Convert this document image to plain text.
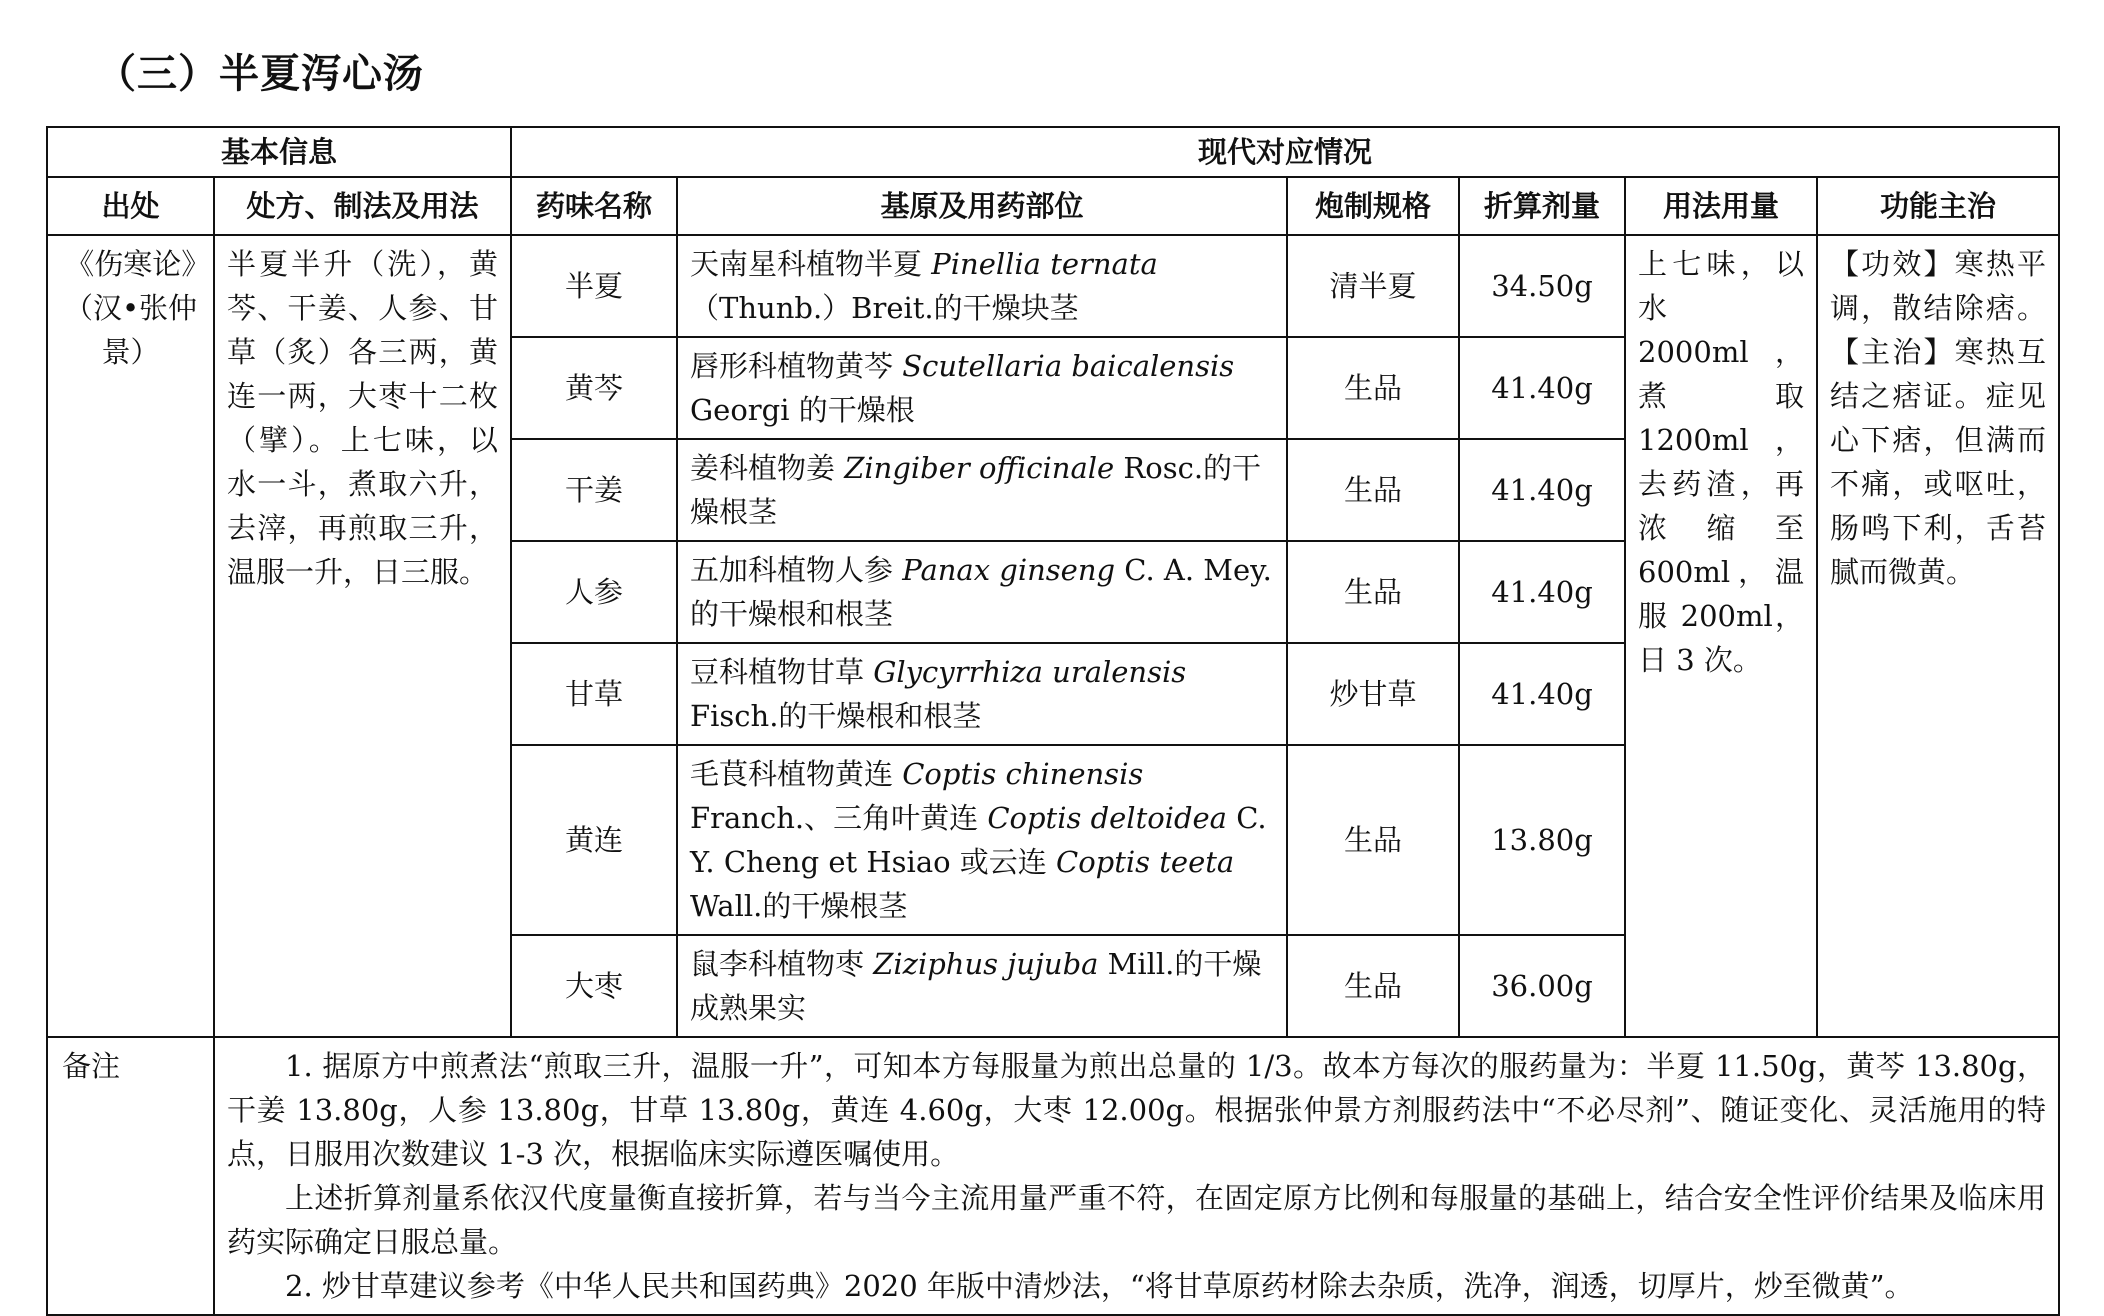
（三）半夏泻心汤
基本信息		现代对应情况					
出处	处方、制法及用法	药味名称	基原及用药部位	炮制规格	折算剂量	用法用量	功能主治
《伤寒论》（汉•张仲景）	半夏半升（洗），黄芩、干姜、人参、甘草（炙）各三两，黄连一两，大枣十二枚（擘）。上七味，以水一斗，煮取六升，去滓，再煎取三升，温服一升，日三服。	半夏	天南星科植物半夏 Pinellia ternata（Thunb.）Breit.的干燥块茎	清半夏	34.50g	上七味，以水 2000ml，煮取1200ml，去药渣，再浓缩至 600ml，温服 200ml，日 3 次。	【功效】寒热平调，散结除痞。【主治】寒热互结之痞证。症见心下痞，但满而不痛，或呕吐，肠鸣下利，舌苔腻而微黄。
		黄芩	唇形科植物黄芩 Scutellaria baicalensis Georgi 的干燥根	生品	41.40g		
		干姜	姜科植物姜 Zingiber officinale Rosc.的干燥根茎	生品	41.40g		
		人参	五加科植物人参 Panax ginseng C. A. Mey.的干燥根和根茎	生品	41.40g		
		甘草	豆科植物甘草 Glycyrrhiza uralensis Fisch.的干燥根和根茎	炒甘草	41.40g		
		黄连	毛茛科植物黄连 Coptis chinensis Franch.、三角叶黄连 Coptis deltoidea C. Y. Cheng et Hsiao 或云连 Coptis teeta Wall.的干燥根茎	生品	13.80g		
		大枣	鼠李科植物枣 Ziziphus jujuba Mill.的干燥成熟果实	生品	36.00g		
备注	1. 据原方中煎煮法“煎取三升，温服一升”，可知本方每服量为煎出总量的 1/3。故本方每次的服药量为：半夏 11.50g，黄芩 13.80g，干姜 13.80g，人参 13.80g，甘草 13.80g，黄连 4.60g，大枣 12.00g。根据张仲景方剂服药法中“不必尽剂”、随证变化、灵活施用的特点，日服用次数建议 1-3 次，根据临床实际遵医嘱使用。

上述折算剂量系依汉代度量衡直接折算，若与当今主流用量严重不符，在固定原方比例和每服量的基础上，结合安全性评价结果及临床用药实际确定日服总量。

2. 炒甘草建议参考《中华人民共和国药典》2020 年版中清炒法，“将甘草原药材除去杂质，洗净，润透，切厚片，炒至微黄”。						
